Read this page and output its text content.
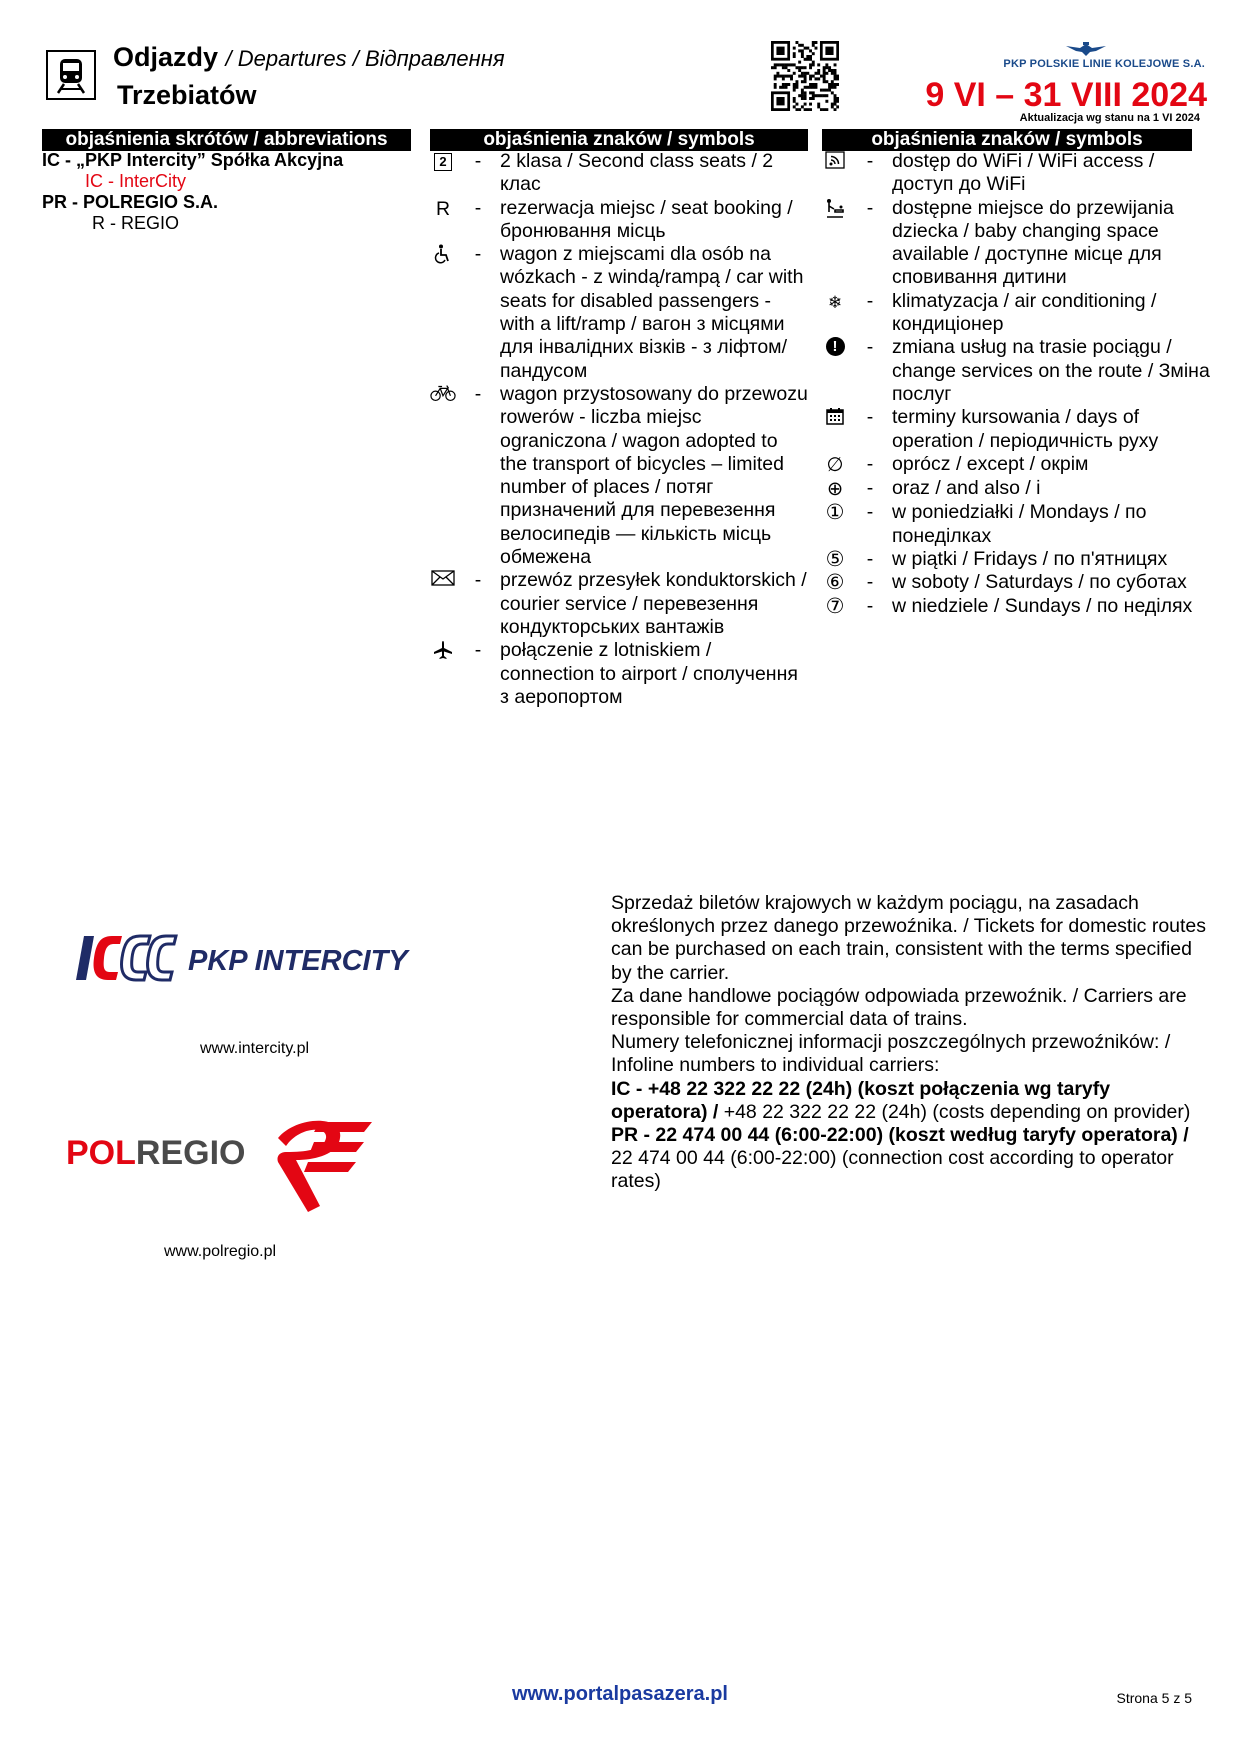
Odjazdy / Departures / Відправлення
Trzebiatów
PKP POLSKIE LINIE KOLEJOWE S.A.
9 VI – 31 VIII 2024
Aktualizacja wg stanu na 1 VI 2024
objaśnienia skrótów / abbreviations	objaśnienia znaków / symbols	objaśnienia znaków / symbols
IC - „PKP Intercity” Spółka Akcyjna
IC - InterCity
PR - POLREGIO S.A.
R - REGIO
2	- 2 klasa / Second class seats / 2 клас
R	- rezerwacja miejsc / seat booking / бронювання місць
- wagon z miejscami dla osób na wózkach - z windą/rampą / car with seats for disabled passengers - with a lift/ramp / вагон з місцями для інвалідних візків - з ліфтом/пандусом
- wagon przystosowany do przewozu rowerów - liczba miejsc ograniczona / wagon adopted to the transport of bicycles – limited number of places / потяг призначений для перевезення велосипедів — кількість місць обмежена
- przewóz przesyłek konduktorskich / courier service / перевезення кондукторських вантажів
- połączenie z lotniskiem / connection to airport / сполучення з аеропортом
- dostęp do WiFi / WiFi access / доступ до WiFi
- dostępne miejsce do przewijania dziecka / baby changing space available / доступне місце для сповивання дитини
❄	- klimatyzacja / air conditioning / кондиціонер
!	- zmiana usług na trasie pociągu / change services on the route / Зміна послуг
- terminy kursowania / days of operation / періодичність руху
∅	- oprócz / except / окрім
⊕	- oraz / and also / і
①	- w poniedziałki / Mondays / по понеділках
⑤	- w piątki / Fridays / по п'ятницях
⑥	- w soboty / Saturdays / по суботах
⑦	- w niedziele / Sundays / по неділях
PKP INTERCITY
www.intercity.pl
POLREGIO
www.polregio.pl

Sprzedaż biletów krajowych w każdym pociągu, na zasadach określonych przez danego przewoźnika. / Tickets for domestic routes can be purchased on each train, consistent with the terms specified by the carrier.

Za dane handlowe pociągów odpowiada przewoźnik. / Carriers are responsible for commercial data of trains.

Numery telefonicznej informacji poszczególnych przewoźników: / Infoline numbers to individual carriers:

IC - +48 22 322 22 22 (24h) (koszt połączenia wg taryfy operatora) / +48 22 322 22 22 (24h) (costs depending on provider)

PR - 22 474 00 44 (6:00-22:00) (koszt według taryfy operatora) / 22 474 00 44 (6:00-22:00) (connection cost according to operator rates)

www.portalpasazera.pl	Strona 5 z 5
